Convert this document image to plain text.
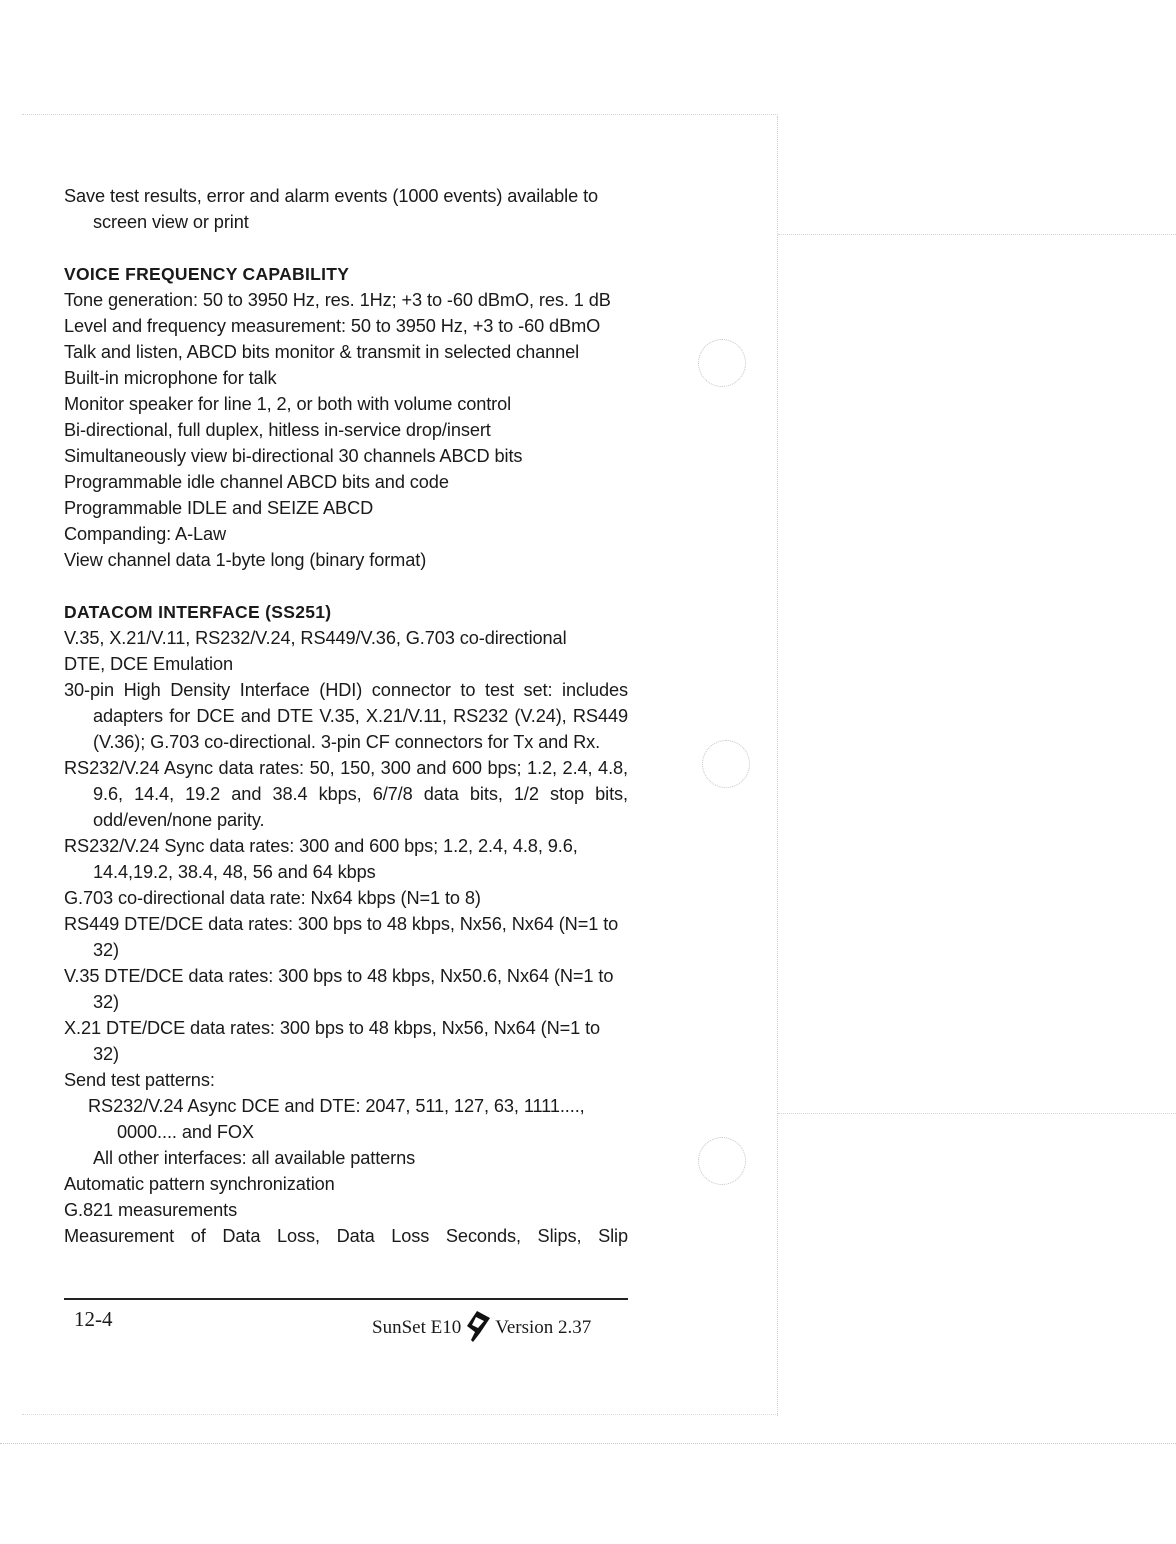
Save test results, error and alarm events (1000 events) available to screen view or print

VOICE FREQUENCY CAPABILITY

Tone generation: 50 to 3950 Hz, res. 1Hz; +3 to -60 dBmO, res. 1 dB

Level and frequency measurement: 50 to 3950 Hz, +3 to -60 dBmO

Talk and listen, ABCD bits monitor & transmit in selected channel

Built-in microphone for talk

Monitor speaker for line 1, 2, or both with volume control

Bi-directional, full duplex, hitless in-service drop/insert

Simultaneously view bi-directional 30 channels ABCD bits

Programmable idle channel ABCD bits and code

Programmable IDLE and SEIZE ABCD

Companding: A-Law

View channel data 1-byte long (binary format)

DATACOM INTERFACE (SS251)

V.35, X.21/V.11, RS232/V.24, RS449/V.36, G.703 co-directional

DTE, DCE Emulation

30-pin High Density Interface (HDI) connector to test set: includes adapters for DCE and DTE V.35, X.21/V.11, RS232 (V.24), RS449 (V.36); G.703 co-directional. 3-pin CF connectors for Tx and Rx.

RS232/V.24 Async data rates: 50, 150, 300 and 600 bps; 1.2, 2.4, 4.8, 9.6, 14.4, 19.2 and 38.4 kbps, 6/7/8 data bits, 1/2 stop bits, odd/even/none parity.

RS232/V.24 Sync data rates: 300 and 600 bps; 1.2, 2.4, 4.8, 9.6, 14.4,19.2, 38.4, 48, 56 and 64 kbps

G.703 co-directional data rate: Nx64 kbps (N=1 to 8)

RS449 DTE/DCE data rates: 300 bps to 48 kbps, Nx56, Nx64 (N=1 to 32)

V.35 DTE/DCE data rates: 300 bps to 48 kbps, Nx50.6, Nx64 (N=1 to 32)

X.21 DTE/DCE data rates: 300 bps to 48 kbps, Nx56, Nx64 (N=1 to 32)

Send test patterns:

RS232/V.24 Async DCE and DTE: 2047, 511, 127, 63, 1111...., 0000.... and FOX

All other interfaces: all available patterns

Automatic pattern synchronization

G.821 measurements

Measurement of Data Loss, Data Loss Seconds, Slips, Slip

12-4	SunSet E10 Version 2.37
